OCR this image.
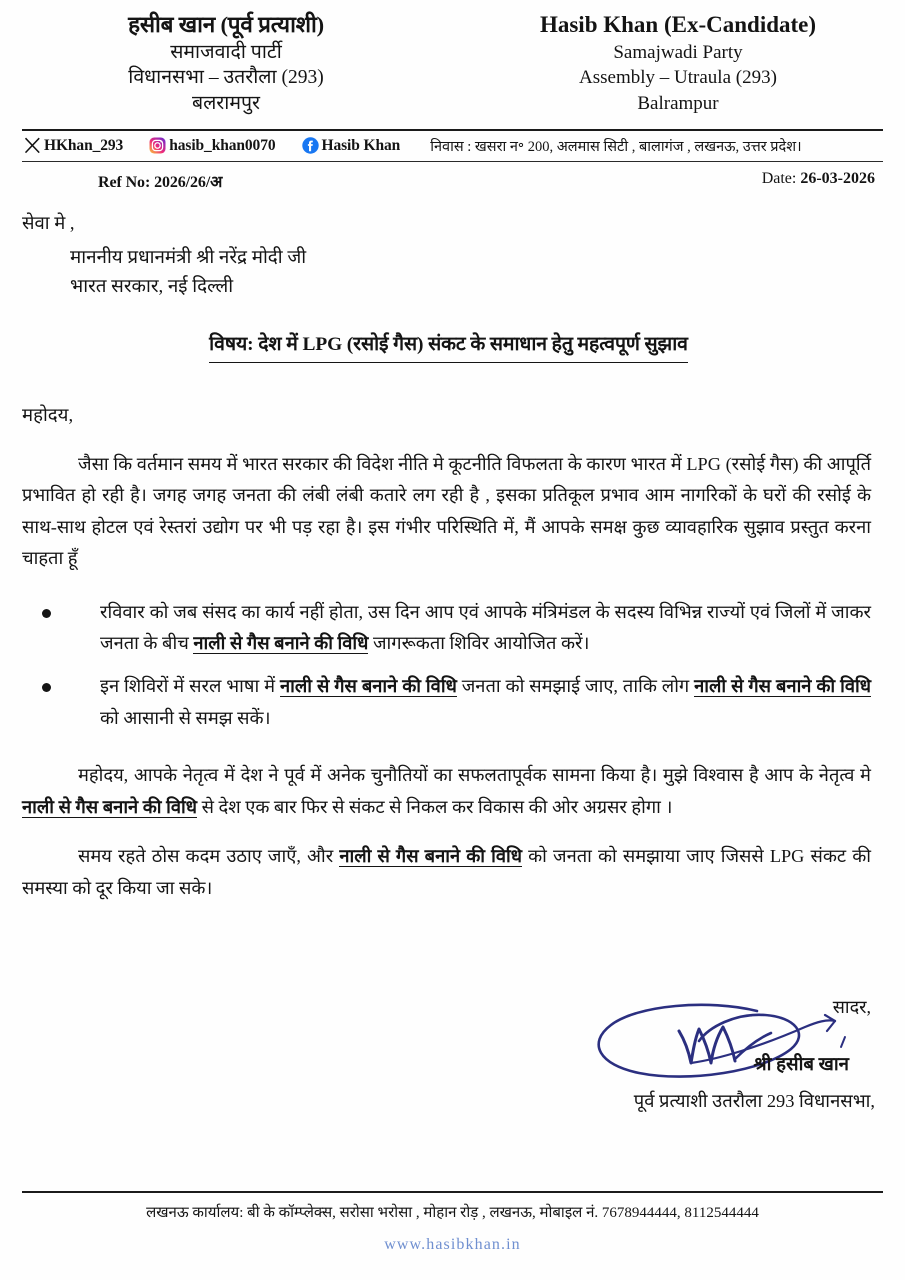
हसीब खान (पूर्व प्रत्याशी)
समाजवादी पार्टी
विधानसभा – उतरौला (293)
बलरामपुर
Hasib Khan (Ex-Candidate)
Samajwadi Party
Assembly – Utraula (293)
Balrampur
HKhan_293	hasib_khan0070	Hasib Khan निवास : खसरा न॰ 200, अलमास सिटी , बालागंज , लखनऊ, उत्तर प्रदेश।
Ref No: 2026/26/अ	Date: 26-03-2026
सेवा मे ,
माननीय प्रधानमंत्री श्री नरेंद्र मोदी जी
भारत सरकार, नई दिल्ली
विषय: देश में LPG (रसोई गैस) संकट के समाधान हेतु महत्वपूर्ण सुझाव
महोदय,
जैसा कि वर्तमान समय में भारत सरकार की विदेश नीति मे कूटनीति विफलता के कारण भारत में LPG (रसोई गैस) की आपूर्ति प्रभावित हो रही है। जगह जगह जनता की लंबी लंबी कतारे लग रही है , इसका प्रतिकूल प्रभाव आम नागरिकों के घरों की रसोई के साथ-साथ होटल एवं रेस्तरां उद्योग पर भी पड़ रहा है। इस गंभीर परिस्थिति में, मैं आपके समक्ष कुछ व्यावहारिक सुझाव प्रस्तुत करना चाहता हूँ
रविवार को जब संसद का कार्य नहीं होता, उस दिन आप एवं आपके मंत्रिमंडल के सदस्य विभिन्न राज्यों एवं जिलों में जाकर जनता के बीच नाली से गैस बनाने की विधि जागरूकता शिविर आयोजित करें।
इन शिविरों में सरल भाषा में नाली से गैस बनाने की विधि जनता को समझाई जाए, ताकि लोग नाली से गैस बनाने की विधि को आसानी से समझ सकें।
महोदय, आपके नेतृत्व में देश ने पूर्व में अनेक चुनौतियों का सफलतापूर्वक सामना किया है। मुझे विश्वास है आप के नेतृत्व मे नाली से गैस बनाने की विधि से देश एक बार फिर से संकट से निकल कर विकास की ओर अग्रसर होगा ।
समय रहते ठोस कदम उठाए जाएँ, और नाली से गैस बनाने की विधि को जनता को समझाया जाए जिससे LPG संकट की समस्या को दूर किया जा सके।
सादर,
श्री हसीब खान
पूर्व प्रत्याशी उतरौला 293 विधानसभा,
लखनऊ कार्यालय: बी के कॉम्प्लेक्स, सरोसा भरोसा , मोहान रोड़ , लखनऊ, मोबाइल नं. 7678944444, 8112544444
www.hasibkhan.in
